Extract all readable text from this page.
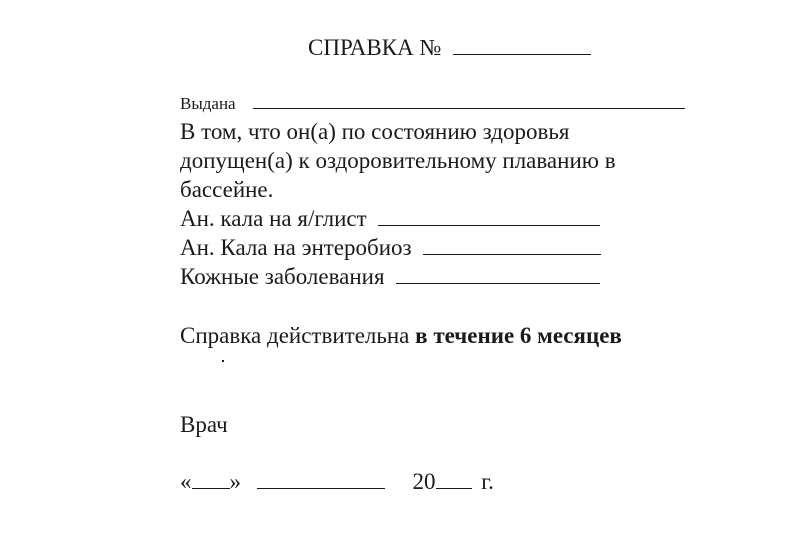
СПРАВКА №
Выдана
В том, что он(а) по состоянию здоровья
допущен(а) к оздоровительному плаванию в
бассейне.
Ан. кала на я/глист
Ан. Кала на энтеробиоз
Кожные заболевания
Справка действительна в течение 6 месяцев
Врач
« »	20 г.
